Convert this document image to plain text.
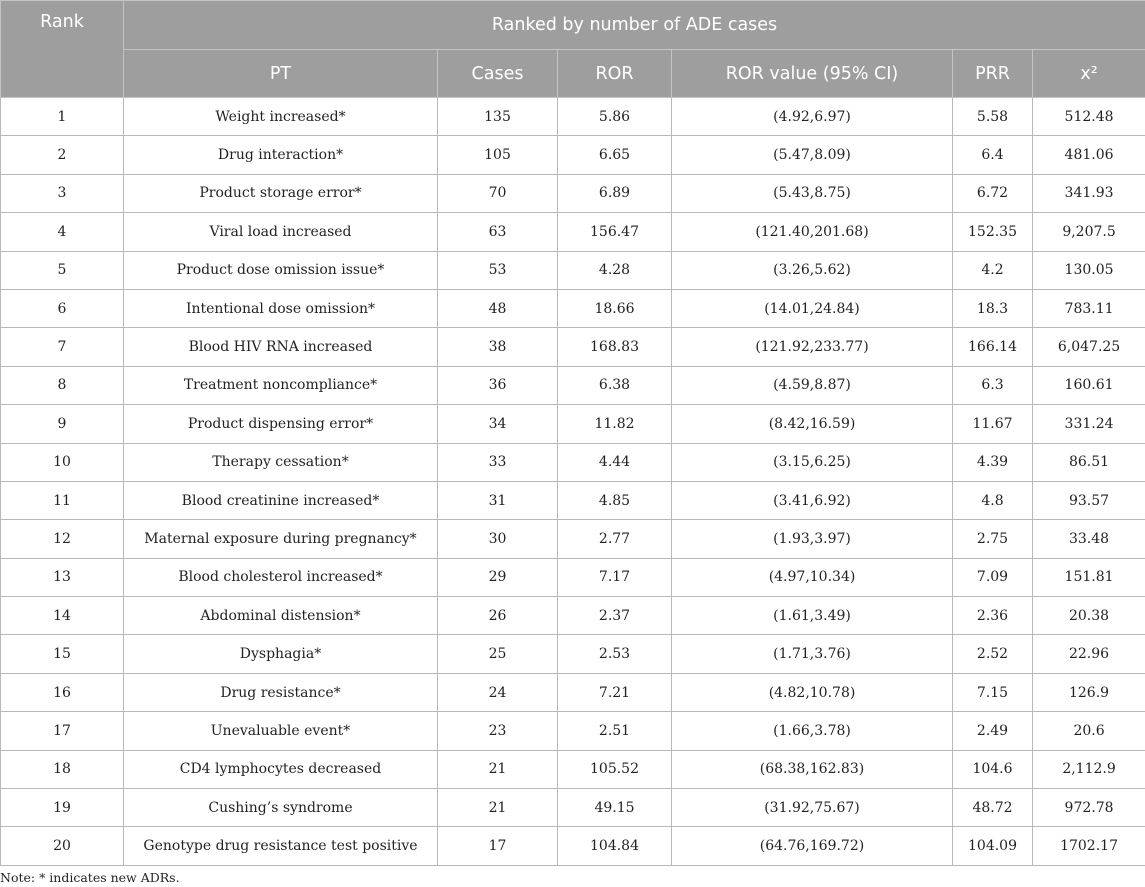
Rank	Ranked by number of ADE cases					
	PT	Cases	ROR	ROR value (95% CI)	PRR	x²
1	Weight increased*	135	5.86	(4.92,6.97)	5.58	512.48
2	Drug interaction*	105	6.65	(5.47,8.09)	6.4	481.06
3	Product storage error*	70	6.89	(5.43,8.75)	6.72	341.93
4	Viral load increased	63	156.47	(121.40,201.68)	152.35	9,207.5
5	Product dose omission issue*	53	4.28	(3.26,5.62)	4.2	130.05
6	Intentional dose omission*	48	18.66	(14.01,24.84)	18.3	783.11
7	Blood HIV RNA increased	38	168.83	(121.92,233.77)	166.14	6,047.25
8	Treatment noncompliance*	36	6.38	(4.59,8.87)	6.3	160.61
9	Product dispensing error*	34	11.82	(8.42,16.59)	11.67	331.24
10	Therapy cessation*	33	4.44	(3.15,6.25)	4.39	86.51
11	Blood creatinine increased*	31	4.85	(3.41,6.92)	4.8	93.57
12	Maternal exposure during pregnancy*	30	2.77	(1.93,3.97)	2.75	33.48
13	Blood cholesterol increased*	29	7.17	(4.97,10.34)	7.09	151.81
14	Abdominal distension*	26	2.37	(1.61,3.49)	2.36	20.38
15	Dysphagia*	25	2.53	(1.71,3.76)	2.52	22.96
16	Drug resistance*	24	7.21	(4.82,10.78)	7.15	126.9
17	Unevaluable event*	23	2.51	(1.66,3.78)	2.49	20.6
18	CD4 lymphocytes decreased	21	105.52	(68.38,162.83)	104.6	2,112.9
19	Cushing’s syndrome	21	49.15	(31.92,75.67)	48.72	972.78
20	Genotype drug resistance test positive	17	104.84	(64.76,169.72)	104.09	1702.17
Note: * indicates new ADRs.
